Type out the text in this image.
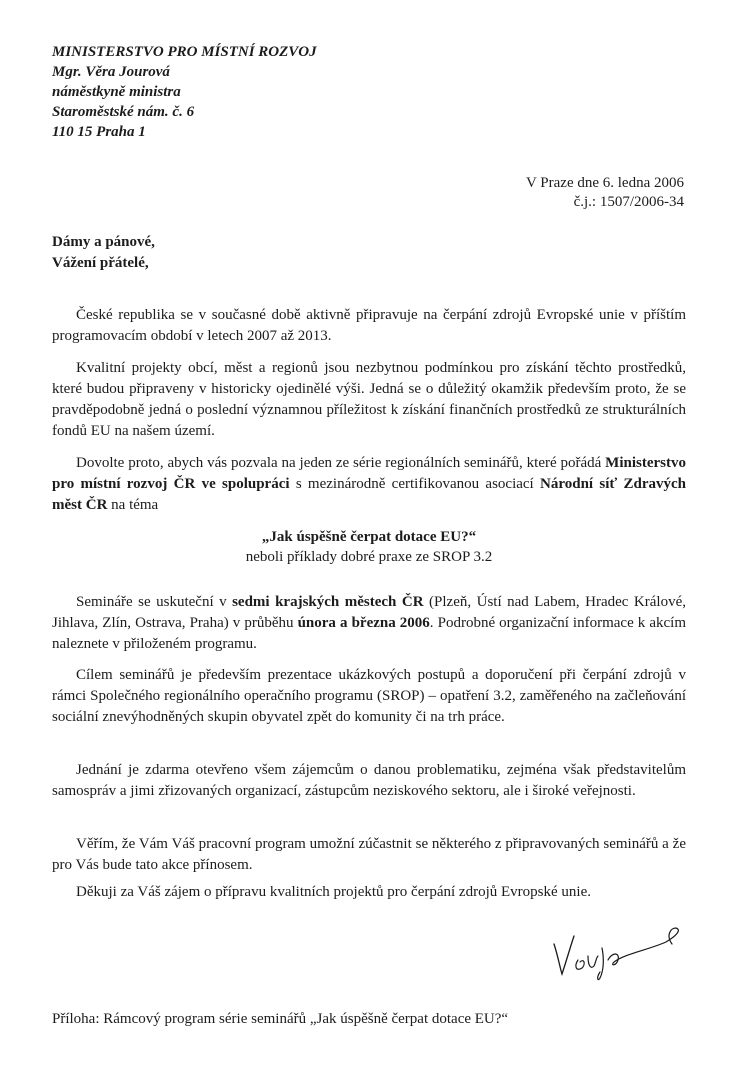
MINISTERSTVO PRO MÍSTNÍ ROZVOJ
Mgr. Věra Jourová
náměstkyně ministra
Staroměstské nám. č. 6
110 15 Praha 1
V Praze dne 6. ledna 2006
č.j.: 1507/2006-34
Dámy a pánové,
Vážení přátelé,

České republika se v současné době aktivně připravuje na čerpání zdrojů Evropské unie v příštím programovacím období v letech 2007 až 2013.

Kvalitní projekty obcí, měst a regionů jsou nezbytnou podmínkou pro získání těchto prostředků, které budou připraveny v historicky ojedinělé výši. Jedná se o důležitý okamžik především proto, že se pravděpodobně jedná o poslední významnou příležitost k získání finančních prostředků ze strukturálních fondů EU na našem území.

Dovolte proto, abych vás pozvala na jeden ze série regionálních seminářů, které pořádá Ministerstvo pro místní rozvoj ČR ve spolupráci s mezinárodně certifikovanou asociací Národní síť Zdravých měst ČR na téma

„Jak úspěšně čerpat dotace EU?“
neboli příklady dobré praxe ze SROP 3.2

Semináře se uskuteční v sedmi krajských městech ČR (Plzeň, Ústí nad Labem, Hradec Králové, Jihlava, Zlín, Ostrava, Praha) v průběhu února a března 2006. Podrobné organizační informace k akcím naleznete v přiloženém programu.

Cílem seminářů je především prezentace ukázkových postupů a doporučení při čerpání zdrojů v rámci Společného regionálního operačního programu (SROP) – opatření 3.2, zaměřeného na začleňování sociální znevýhodněných skupin obyvatel zpět do komunity či na trh práce.

Jednání je zdarma otevřeno všem zájemcům o danou problematiku, zejména však představitelům samospráv a jimi zřizovaných organizací, zástupcům neziskového sektoru, ale i široké veřejnosti.

Věřím, že Vám Váš pracovní program umožní zúčastnit se některého z připravovaných seminářů a že pro Vás bude tato akce přínosem.

Děkuji za Váš zájem o přípravu kvalitních projektů pro čerpání zdrojů Evropské unie.

Příloha: Rámcový program série seminářů „Jak úspěšně čerpat dotace EU?“
